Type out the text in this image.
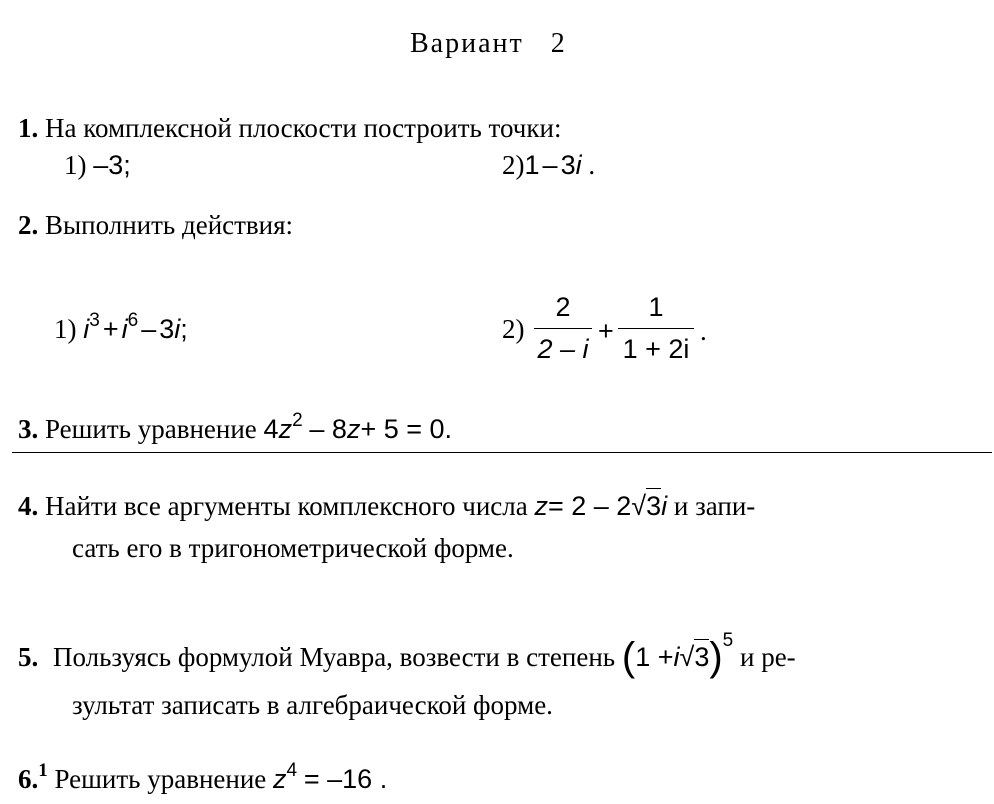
Вариант   2
1. На комплексной плоскости построить точки:
1) –3;	2)1 – 3i .
2. Выполнить действия:
1) $i^3 + i^6 - 3i$;	2)
2
2 – i
+
1
1 + 2i
.
3. Решить уравнение $4z^2 - 8z+ 5 = 0$.
4. Найти все аргументы комплексного числа z= 2 – 2√3i и запи-
сать его в тригонометрической форме.
5. Пользуясь формулой Муавра, возвести в степень $(1 +i√3)^5$ и ре-
зультат записать в алгебраической форме.
6.$^1$ Решить уравнение $z^4 = -16$ .
